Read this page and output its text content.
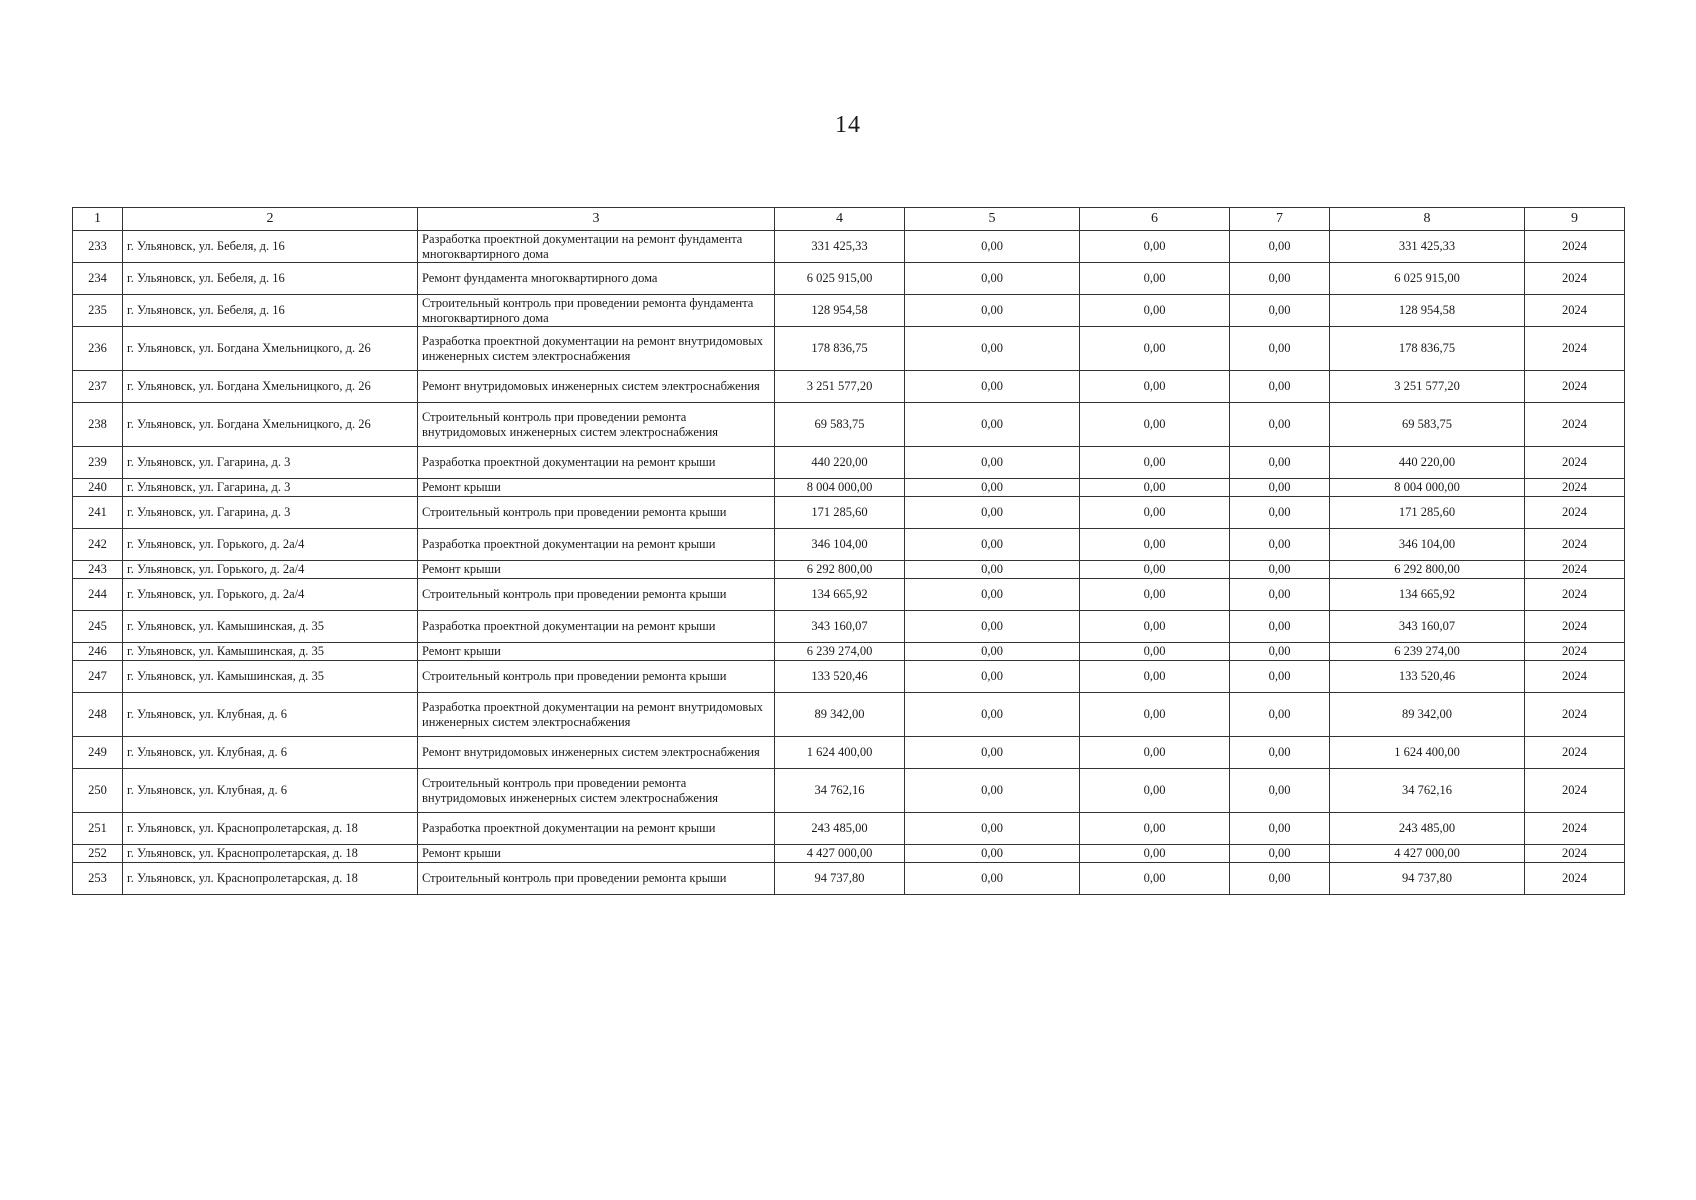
14
1	2	3	4	5	6	7	8	9
233	г. Ульяновск, ул. Бебеля, д. 16	Разработка проектной документации на ремонт фундамента многоквартирного дома	331 425,33	0,00	0,00	0,00	331 425,33	2024
234	г. Ульяновск, ул. Бебеля, д. 16	Ремонт фундамента многоквартирного дома	6 025 915,00	0,00	0,00	0,00	6 025 915,00	2024
235	г. Ульяновск, ул. Бебеля, д. 16	Строительный контроль при проведении ремонта фундамента многоквартирного дома	128 954,58	0,00	0,00	0,00	128 954,58	2024
236	г. Ульяновск, ул. Богдана Хмельницкого, д. 26	Разработка проектной документации на ремонт внутридомовых инженерных систем электроснабжения	178 836,75	0,00	0,00	0,00	178 836,75	2024
237	г. Ульяновск, ул. Богдана Хмельницкого, д. 26	Ремонт внутридомовых инженерных систем электроснабжения	3 251 577,20	0,00	0,00	0,00	3 251 577,20	2024
238	г. Ульяновск, ул. Богдана Хмельницкого, д. 26	Строительный контроль при проведении ремонта внутридомовых инженерных систем электроснабжения	69 583,75	0,00	0,00	0,00	69 583,75	2024
239	г. Ульяновск, ул. Гагарина, д. 3	Разработка проектной документации на ремонт крыши	440 220,00	0,00	0,00	0,00	440 220,00	2024
240	г. Ульяновск, ул. Гагарина, д. 3	Ремонт крыши	8 004 000,00	0,00	0,00	0,00	8 004 000,00	2024
241	г. Ульяновск, ул. Гагарина, д. 3	Строительный контроль при проведении ремонта крыши	171 285,60	0,00	0,00	0,00	171 285,60	2024
242	г. Ульяновск, ул. Горького, д. 2а/4	Разработка проектной документации на ремонт крыши	346 104,00	0,00	0,00	0,00	346 104,00	2024
243	г. Ульяновск, ул. Горького, д. 2а/4	Ремонт крыши	6 292 800,00	0,00	0,00	0,00	6 292 800,00	2024
244	г. Ульяновск, ул. Горького, д. 2а/4	Строительный контроль при проведении ремонта крыши	134 665,92	0,00	0,00	0,00	134 665,92	2024
245	г. Ульяновск, ул. Камышинская, д. 35	Разработка проектной документации на ремонт крыши	343 160,07	0,00	0,00	0,00	343 160,07	2024
246	г. Ульяновск, ул. Камышинская, д. 35	Ремонт крыши	6 239 274,00	0,00	0,00	0,00	6 239 274,00	2024
247	г. Ульяновск, ул. Камышинская, д. 35	Строительный контроль при проведении ремонта крыши	133 520,46	0,00	0,00	0,00	133 520,46	2024
248	г. Ульяновск, ул. Клубная, д. 6	Разработка проектной документации на ремонт внутридомовых инженерных систем электроснабжения	89 342,00	0,00	0,00	0,00	89 342,00	2024
249	г. Ульяновск, ул. Клубная, д. 6	Ремонт внутридомовых инженерных систем электроснабжения	1 624 400,00	0,00	0,00	0,00	1 624 400,00	2024
250	г. Ульяновск, ул. Клубная, д. 6	Строительный контроль при проведении ремонта внутридомовых инженерных систем электроснабжения	34 762,16	0,00	0,00	0,00	34 762,16	2024
251	г. Ульяновск, ул. Краснопролетарская, д. 18	Разработка проектной документации на ремонт крыши	243 485,00	0,00	0,00	0,00	243 485,00	2024
252	г. Ульяновск, ул. Краснопролетарская, д. 18	Ремонт крыши	4 427 000,00	0,00	0,00	0,00	4 427 000,00	2024
253	г. Ульяновск, ул. Краснопролетарская, д. 18	Строительный контроль при проведении ремонта крыши	94 737,80	0,00	0,00	0,00	94 737,80	2024
